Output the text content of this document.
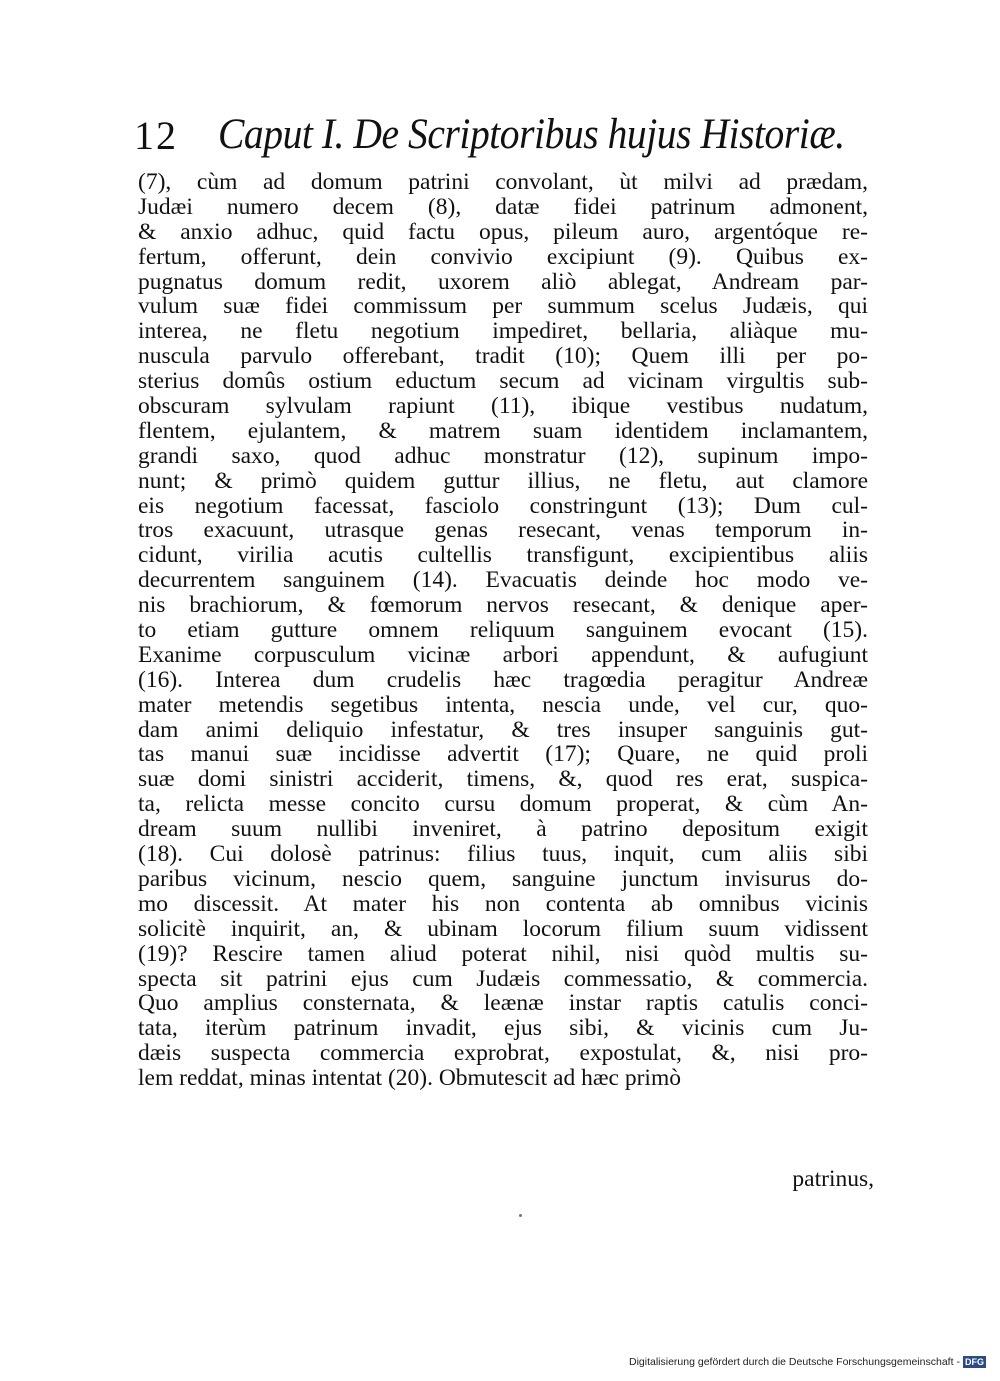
12 Caput I. De Scriptoribus hujus Historiæ.
(7), cùm ad domum patrini convolant, ùt milvi ad prædam,
Judæi numero decem (8), datæ fidei patrinum admonent,
& anxio adhuc, quid factu opus, pileum auro, argentóque re-
fertum, offerunt, dein convivio excipiunt (9). Quibus ex-
pugnatus domum redit, uxorem aliò ablegat, Andream par-
vulum suæ fidei commissum per summum scelus Judæis, qui
interea, ne fletu negotium impediret, bellaria, aliàque mu-
nuscula parvulo offerebant, tradit (10); Quem illi per po-
sterius domûs ostium eductum secum ad vicinam virgultis sub-
obscuram sylvulam rapiunt (11), ibique vestibus nudatum,
flentem, ejulantem, & matrem suam identidem inclamantem,
grandi saxo, quod adhuc monstratur (12), supinum impo-
nunt; & primò quidem guttur illius, ne fletu, aut clamore
eis negotium facessat, fasciolo constringunt (13); Dum cul-
tros exacuunt, utrasque genas resecant, venas temporum in-
cidunt, virilia acutis cultellis transfigunt, excipientibus aliis
decurrentem sanguinem (14). Evacuatis deinde hoc modo ve-
nis brachiorum, & fœmorum nervos resecant, & denique aper-
to etiam gutture omnem reliquum sanguinem evocant (15).
Exanime corpusculum vicinæ arbori appendunt, & aufugiunt
(16). Interea dum crudelis hæc tragœdia peragitur Andreæ
mater metendis segetibus intenta, nescia unde, vel cur, quo-
dam animi deliquio infestatur, & tres insuper sanguinis gut-
tas manui suæ incidisse advertit (17); Quare, ne quid proli
suæ domi sinistri acciderit, timens, &, quod res erat, suspica-
ta, relicta messe concito cursu domum properat, & cùm An-
dream suum nullibi inveniret, à patrino depositum exigit
(18). Cui dolosè patrinus: filius tuus, inquit, cum aliis sibi
paribus vicinum, nescio quem, sanguine junctum invisurus do-
mo discessit. At mater his non contenta ab omnibus vicinis
solicitè inquirit, an, & ubinam locorum filium suum vidissent
(19)? Rescire tamen aliud poterat nihil, nisi quòd multis su-
specta sit patrini ejus cum Judæis commessatio, & commercia.
Quo amplius consternata, & leænæ instar raptis catulis conci-
tata, iterùm patrinum invadit, ejus sibi, & vicinis cum Ju-
dæis suspecta commercia exprobrat, expostulat, &, nisi pro-
lem reddat, minas intentat (20). Obmutescit ad hæc primò
patrinus,
Digitalisierung gefördert durch die Deutsche Forschungsgemeinschaft - DFG
